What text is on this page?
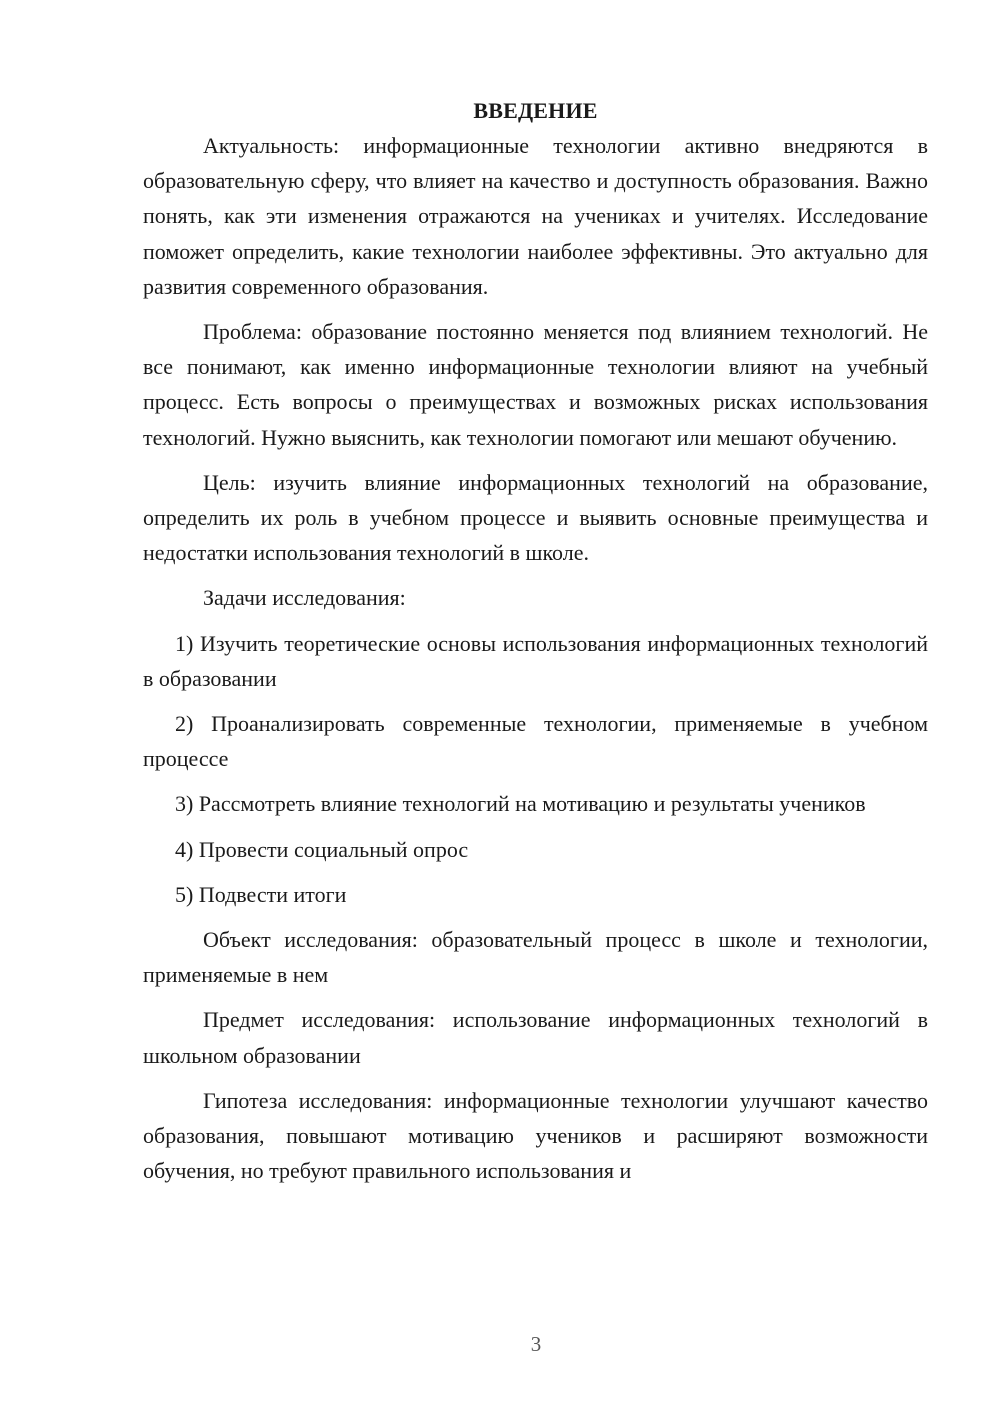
ВВЕДЕНИЕ

Актуальность: информационные технологии активно внедряются в образовательную сферу, что влияет на качество и доступность образования. Важно понять, как эти изменения отражаются на учениках и учителях. Исследование поможет определить, какие технологии наиболее эффективны. Это актуально для развития современного образования.

Проблема: образование постоянно меняется под влиянием технологий. Не все понимают, как именно информационные технологии влияют на учебный процесс. Есть вопросы о преимуществах и возможных рисках использования технологий. Нужно выяснить, как технологии помогают или мешают обучению.

Цель: изучить влияние информационных технологий на образование, определить их роль в учебном процессе и выявить основные преимущества и недостатки использования технологий в школе.

Задачи исследования:

1) Изучить теоретические основы использования информационных технологий в образовании

2) Проанализировать современные технологии, применяемые в учебном процессе

3) Рассмотреть влияние технологий на мотивацию и результаты учеников

4) Провести социальный опрос

5) Подвести итоги

Объект исследования: образовательный процесс в школе и технологии, применяемые в нем

Предмет исследования: использование информационных технологий в школьном образовании

Гипотеза исследования: информационные технологии улучшают качество образования, повышают мотивацию учеников и расширяют возможности обучения, но требуют правильного использования и

3
